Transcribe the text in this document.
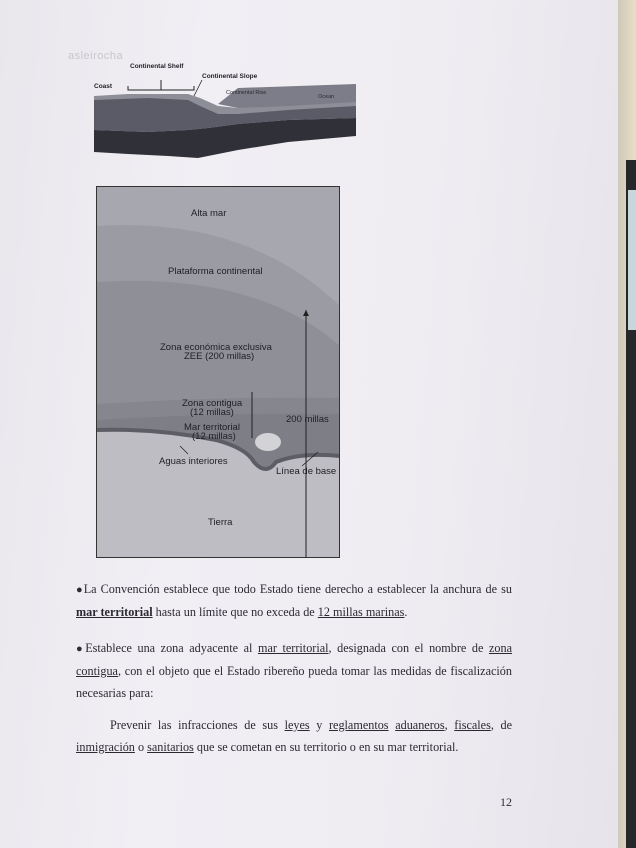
asleirocha
Continental Shelf
Coast
Continental Slope
Continental Rise
Ocean
Alta mar
Plataforma continental
Zona económica exclusiva
ZEE (200 millas)
Zona contigua
(12 millas)
Mar territorial
(12 millas)
200 millas
Aguas interiores
Línea de base
Tierra
●La Convención establece que todo Estado tiene derecho a establecer la anchura de su mar territorial hasta un límite que no exceda de 12 millas marinas.
●Establece una zona adyacente al mar territorial, designada con el nombre de zona contigua, con el objeto que el Estado ribereño pueda tomar las medidas de fiscalización necesarias para:
Prevenir las infracciones de sus leyes y reglamentos aduaneros, fiscales, de inmigración o sanitarios que se cometan en su territorio o en su mar territorial.
12
